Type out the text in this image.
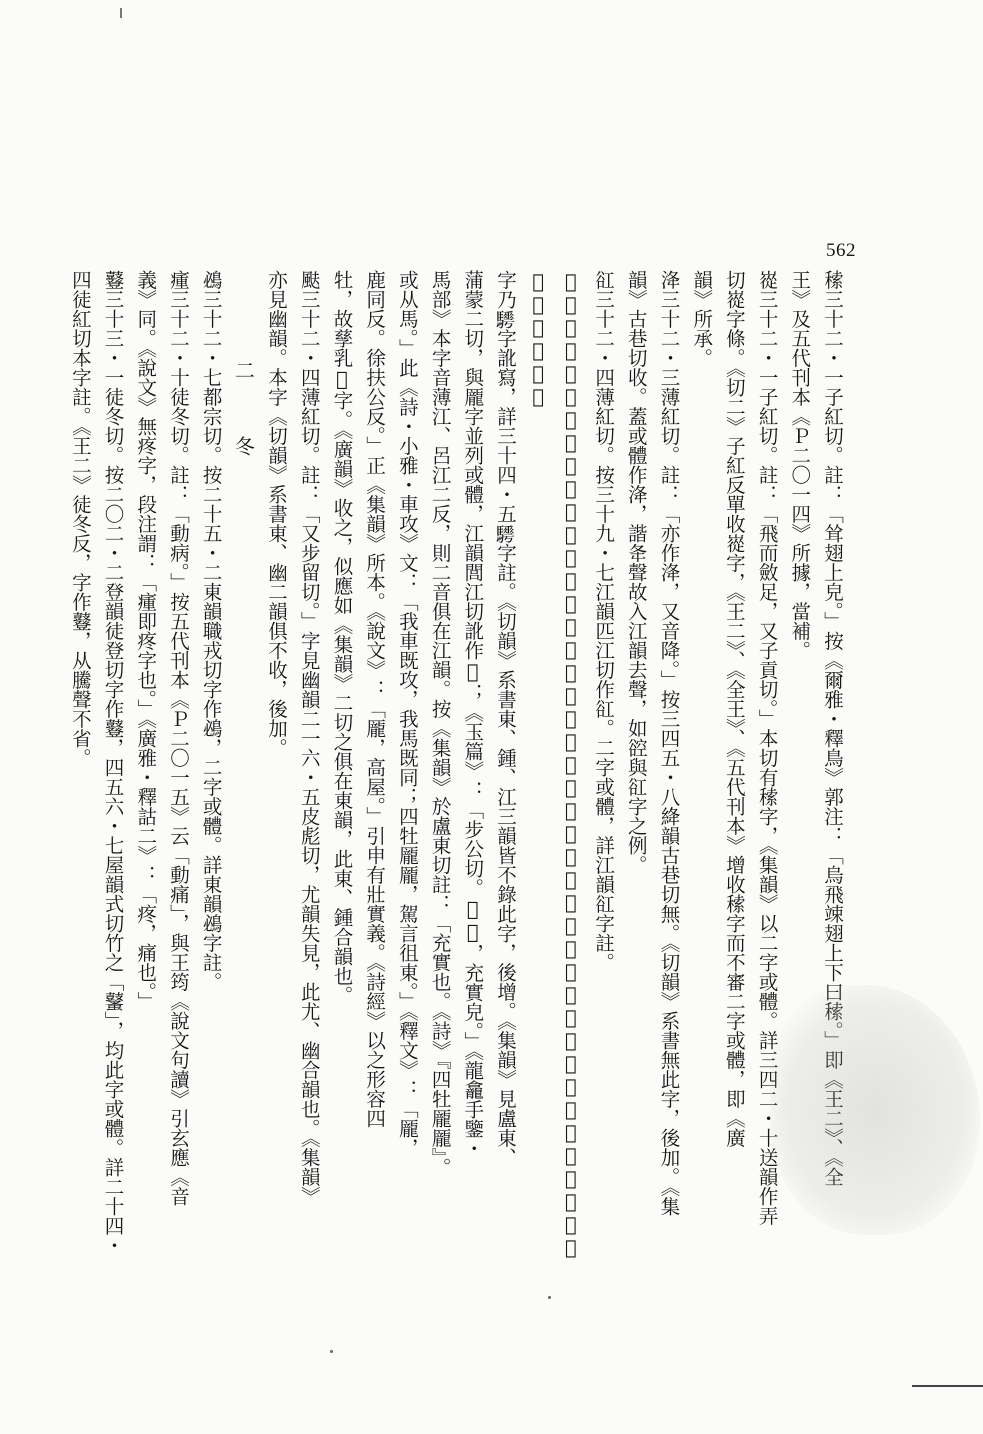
562
䅴三十二・一子紅切。註：「耸翅上皃。」按《爾雅・釋鳥》郭注：「烏飛竦翅上下曰䅴。」即《王二》、《全
王》及五代刊本《Ｐ二〇一四》所據，當補。
嵸三十二・一子紅切。註：「飛而斂足，又子貢切。」本切有䅴字，《集韻》以二字或體。詳三四二・十送韻作弄
切嵸字條。《切二》子紅反單收嵸字，《王二》、《全王》、《五代刊本》增收䅴字而不審二字或體，即《廣
韻》所承。
洚三十二・三薄紅切。註：「亦作洚，又音降。」按三四五・八絳韻古巷切無。《切韻》系書無此字，後加。《集
韻》古巷切收。蓋或體作洚，諧夅聲故入江韻去聲，如谾與䜫字之例。
䜫三十二・四薄紅切。按三十九・七江韻匹江切作䜫。二字或體，詳江韻䜫字註。
𩧿三十二・四薄紅切。訓：「充塞皃。又音龍。」字見三十九・八江韻呂江切。「龍」音鍾韻力鍾切，是切之𩦰
字乃𩦰字訛寫，詳三十四・五𩦰字註。《切韻》系書東、鍾、江三韻皆不錄此字，後增。《集韻》見盧東、
蒲蒙二切，與龎字並列或體，江韻閭江切訛作𩧿；《玉篇》：「步公切。𩧿𩧿，充實皃。」《龍龕手鑒・
馬部》本字音薄江、呂江二反，則二音俱在江韻。按《集韻》於盧東切註：「充實也。《詩》『四牡龎龎』。
或从馬。」此《詩・小雅・車攻》文：「我車既攻，我馬既同；四牡龎龎，駕言徂東。」《釋文》：「龎，
鹿同反。徐扶公反。」正《集韻》所本。《說文》：「龎，高屋。」引申有壯實義。《詩經》以之形容四
牡，故孳乳𩧿字。《廣韻》收之，似應如《集韻》二切之俱在東韻，此東、鍾合韻也。
颫三十二・四薄紅切。註：「又步留切。」字見幽韻二一六・五皮彪切，尤韻失見，此尤、幽合韻也。《集韻》
亦見幽韻。本字《切韻》系書東、幽二韻俱不收，後加。
二　冬
鴓三十二・七都宗切。按二十五・二東韻職戎切字作鴓，二字或體。詳東韻鴓字註。
瘇三十二・十徒冬切。註：「動病。」按五代刊本《Ｐ二〇一五》云「動痛」，與王筠《說文句讀》引玄應《音
義》同。《說文》無疼字，段注謂：「瘇即疼字也。」《廣雅・釋詁二》：「疼，痛也。」
鼟三十三・一徒冬切。按二〇二・二登韻徒登切字作鼟，四五六・七屋韻式切竹之「鼜」，均此字或體。詳二十四・
四徒紅切本字註。《王二》徒冬反，字作鼟，从騰聲不省。
